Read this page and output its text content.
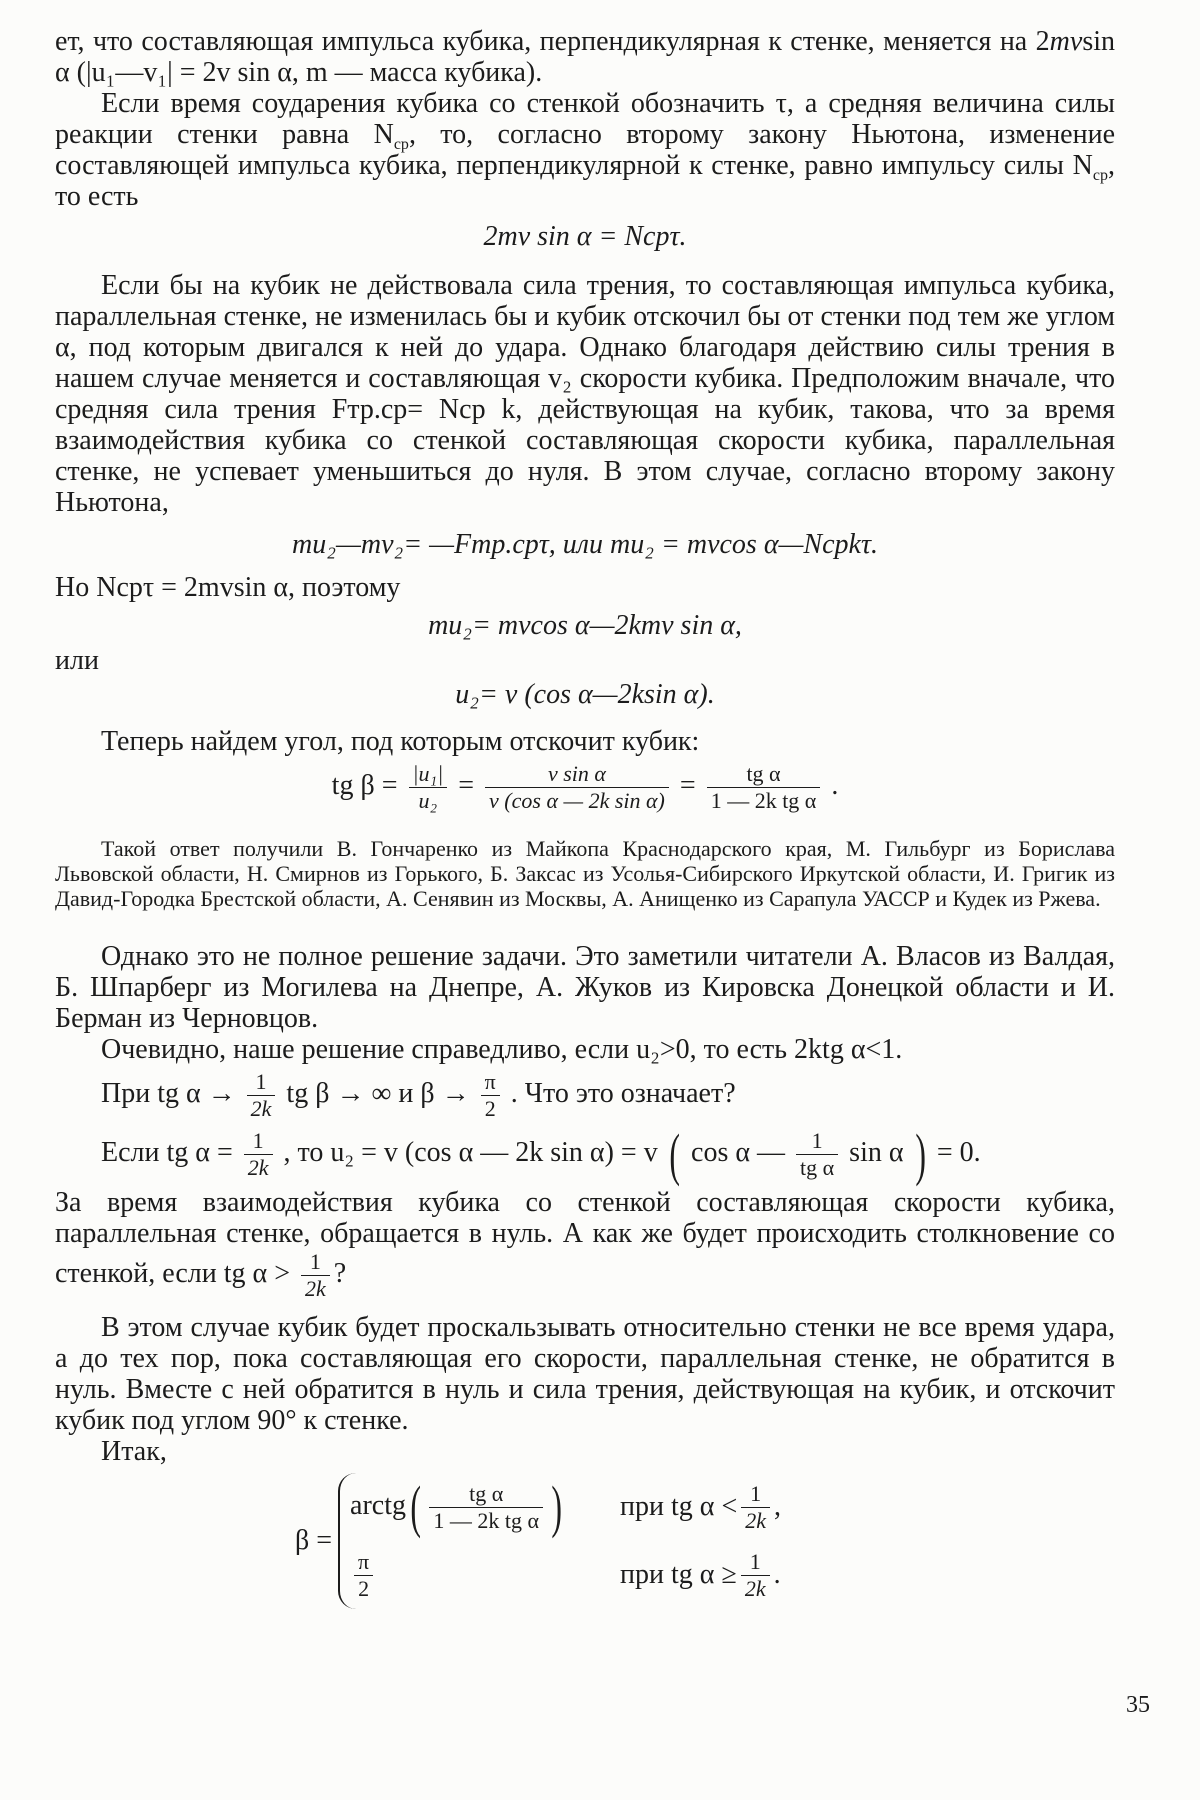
ет, что составляющая импульса кубика, перпендикулярная к стенке, меняется на 2mvsin α (|u₁—v₁| = 2v sin α, m — масса кубика).

Если время соударения кубика со стенкой обозначить τ, а средняя величина силы реакции стенки равна $N_{ср}$, то, согласно второму закону Ньютона, изменение составляющей импульса кубика, перпендикулярной к стенке, равно импульсу силы $N_{ср}$, то есть

2mv sin α = Nсрτ.

Если бы на кубик не действовала сила трения, то составляющая импульса кубика, параллельная стенке, не изменилась бы и кубик отскочил бы от стенки под тем же углом α, под которым двигался к ней до удара. Однако благодаря действию силы трения в нашем случае меняется и составляющая v₂ скорости кубика. Предположим вначале, что средняя сила трения Fтр.ср= Nср k, действующая на кубик, такова, что за время взаимодействия кубика со стенкой составляющая скорости кубика, параллельная стенке, не успевает уменьшиться до нуля. В этом случае, согласно второму закону Ньютона,

mu₂—mv₂= —Fтр.срτ, или mu₂ = mvcos α—Nсрkτ.

Но Nсрτ = 2mvsin α, поэтому

mu₂= mvcos α—2kmv sin α,

или

u₂= v (cos α—2ksin α).

Теперь найдем угол, под которым отскочит кубик:

tg $\beta = \frac{\text{|u₁|}}{\text{u₂}} = \frac{\text{v sin α}}{\text{v (cos α — 2k sin α)}} = \frac{\text{tg α}}{\text{1 — 2k tg α}}$ .

Такой ответ получили В. Гончаренко из Майкопа Краснодарского края, М. Гильбург из Борислава Львовской области, Н. Смирнов из Горького, Б. Заксас из Усолья-Сибирского Иркутской области, И. Григик из Давид-Городка Брестской области, А. Сенявин из Москвы, А. Анищенко из Сарапула УАССР и Кудек из Ржева.

Однако это не полное решение задачи. Это заметили читатели А. Власов из Валдая, Б. Шпарберг из Могилева на Днепре, А. Жуков из Кировска Донецкой области и И. Берман из Черновцов.

Очевидно, наше решение справедливо, если u₂>0, то есть 2ktg α<1.

При tg $\alpha \to \frac{1}{2k}$ tg β → ∞ и $\beta \to \frac{\pi}{2}$ . Что это означает?
Если tg $\alpha = \frac{1}{2k}$ , то u₂ = v (cos α — 2k sin α) = v ( cos α — $\frac{1}{\text{tg α}}$ sin α ) = 0.

За время взаимодействия кубика со стенкой составляющая скорости кубика, параллельная стенке, обращается в нуль. А как же будет происходить столкновение со стенкой, если tg $\alpha > \frac{1}{2k}$ ?

В этом случае кубик будет проскальзывать относительно стенки не все время удара, а до тех пор, пока составляющая его скорости, параллельная стенке, не обратится в нуль. Вместе с ней обратится в нуль и сила трения, действующая на кубик, и отскочит кубик под углом 90° к стенке.

Итак,

β =
arctg( $\frac{\text{tg α}}{\text{1 — 2k tg α}}$ )	при tg $\alpha < \frac{1}{2k}$ ,
$\frac{\pi}{2}$	при tg $\alpha \ge \frac{1}{2k}$ .
35
